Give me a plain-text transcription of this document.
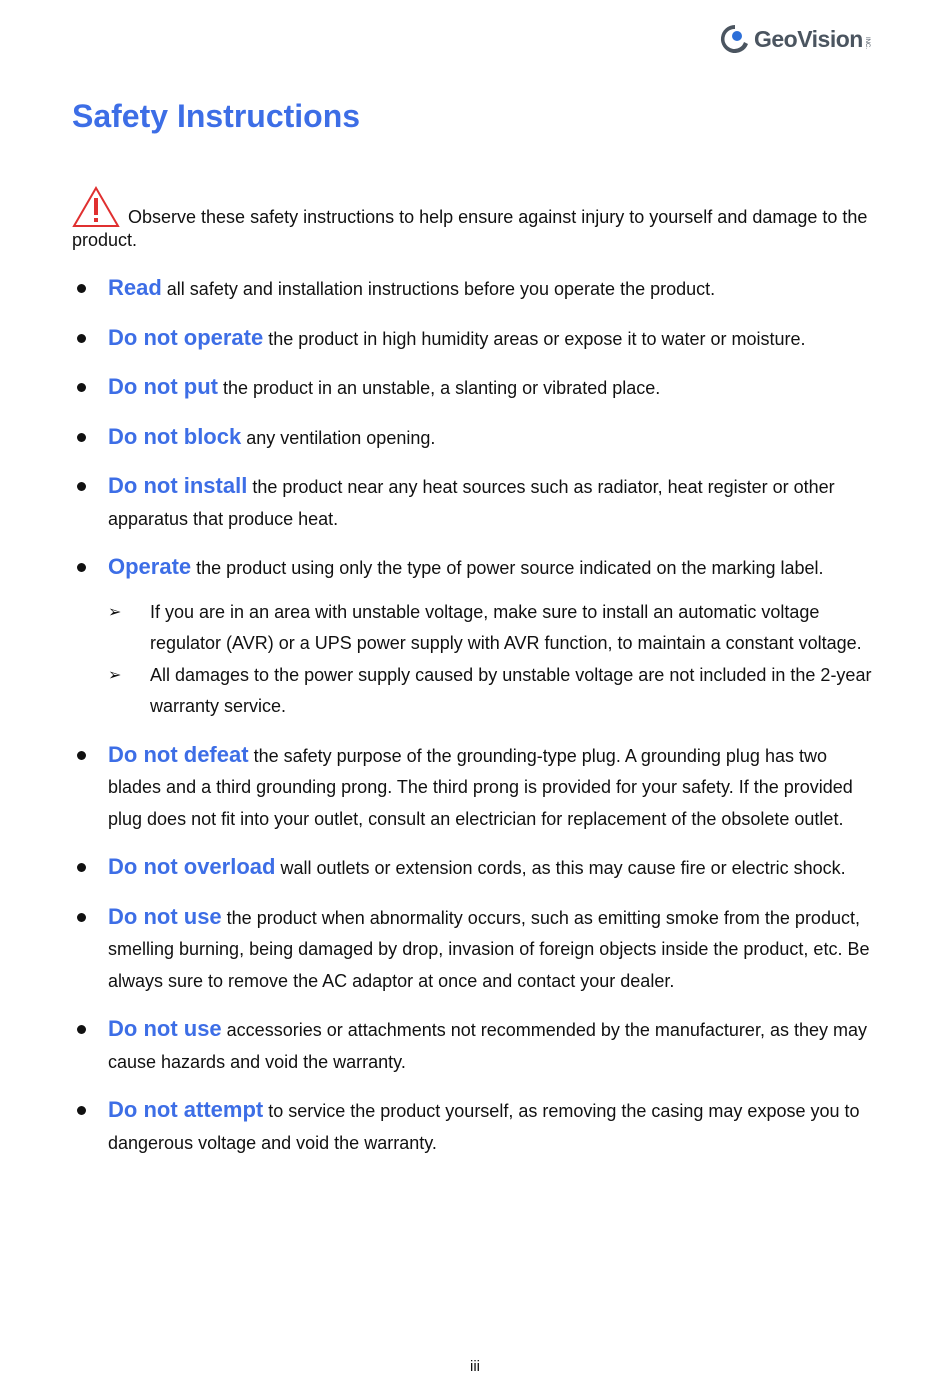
GeoVision INC.
Safety Instructions
Observe these safety instructions to help ensure against injury to yourself and damage to the product.
Read all safety and installation instructions before you operate the product.
Do not operate the product in high humidity areas or expose it to water or moisture.
Do not put the product in an unstable, a slanting or vibrated place.
Do not block any ventilation opening.
Do not install the product near any heat sources such as radiator, heat register or other apparatus that produce heat.
Operate the product using only the type of power source indicated on the marking label.
➢ If you are in an area with unstable voltage, make sure to install an automatic voltage regulator (AVR) or a UPS power supply with AVR function, to maintain a constant voltage.
➢ All damages to the power supply caused by unstable voltage are not included in the 2-year warranty service.
Do not defeat the safety purpose of the grounding-type plug. A grounding plug has two blades and a third grounding prong. The third prong is provided for your safety. If the provided plug does not fit into your outlet, consult an electrician for replacement of the obsolete outlet.
Do not overload wall outlets or extension cords, as this may cause fire or electric shock.
Do not use the product when abnormality occurs, such as emitting smoke from the product, smelling burning, being damaged by drop, invasion of foreign objects inside the product, etc. Be always sure to remove the AC adaptor at once and contact your dealer.
Do not use accessories or attachments not recommended by the manufacturer, as they may cause hazards and void the warranty.
Do not attempt to service the product yourself, as removing the casing may expose you to dangerous voltage and void the warranty.
iii
